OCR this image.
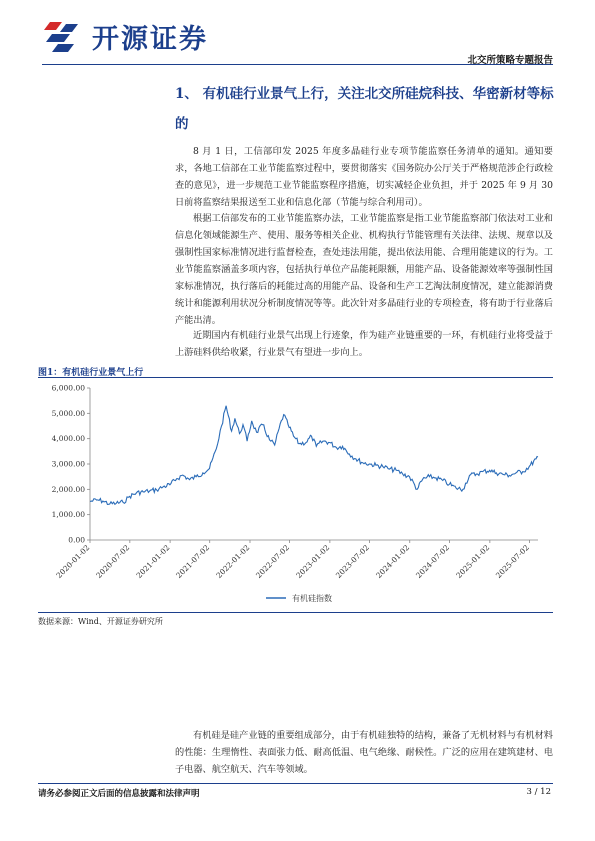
开源证券
北交所策略专题报告
1、 有机硅行业景气上行，关注北交所硅烷科技、华密新材等标的
8 月 1 日，工信部印发 2025 年度多晶硅行业专项节能监察任务清单的通知。通知要求，各地工信部在工业节能监察过程中，要贯彻落实《国务院办公厅关于严格规范涉企行政检查的意见》，进一步规范工业节能监察程序措施，切实减轻企业负担，并于 2025 年 9 月 30 日前将监察结果报送至工业和信息化部（节能与综合利用司）。
根据工信部发布的工业节能监察办法，工业节能监察是指工业节能监察部门依法对工业和信息化领域能源生产、使用、服务等相关企业、机构执行节能管理有关法律、法规、规章以及强制性国家标准情况进行监督检查，查处违法用能，提出依法用能、合理用能建议的行为。工业节能监察涵盖多项内容，包括执行单位产品能耗限额，用能产品、设备能源效率等强制性国家标准情况，执行落后的耗能过高的用能产品、设备和生产工艺淘汰制度情况，建立能源消费统计和能源利用状况分析制度情况等等。此次针对多晶硅行业的专项检查，将有助于行业落后产能出清。
近期国内有机硅行业景气出现上行迹象，作为硅产业链重要的一环，有机硅行业将受益于上游硅料供给收紧，行业景气有望进一步向上。
图1：有机硅行业景气上行
0.00
1,000.00
2,000.00
3,000.00
4,000.00
5,000.00
6,000.00
2020-01-02 2020-07-02 2021-01-02 2021-07-02 2022-01-02 2022-07-02 2023-01-02 2023-07-02 2024-01-02 2024-07-02 2025-01-02 2025-07-02
有机硅指数
数据来源：Wind、开源证券研究所
有机硅是硅产业链的重要组成部分，由于有机硅独特的结构，兼备了无机材料与有机材料的性能：生理惰性、表面张力低、耐高低温、电气绝缘、耐候性。广泛的应用在建筑建材、电子电器、航空航天、汽车等领域。
请务必参阅正文后面的信息披露和法律声明	3 / 12
